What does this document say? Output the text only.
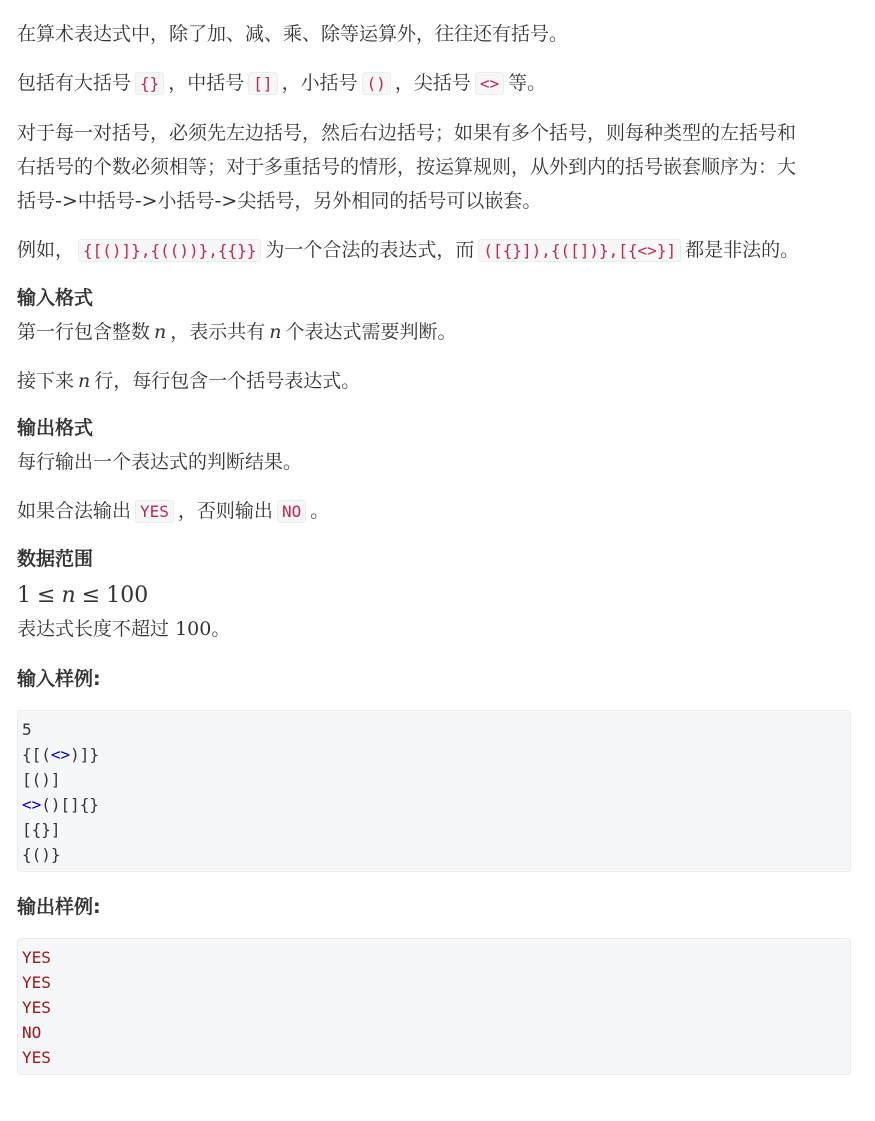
在算术表达式中，除了加、减、乘、除等运算外，往往还有括号。

包括有大括号 {} ，中括号 [] ，小括号 () ，尖括号 <> 等。

对于每一对括号，必须先左边括号，然后右边括号；如果有多个括号，则每种类型的左括号和
右括号的个数必须相等；对于多重括号的情形，按运算规则，从外到内的括号嵌套顺序为：大
括号->中括号->小括号->尖括号，另外相同的括号可以嵌套。

例如， {[()]},{(())},{{}} 为一个合法的表达式，而 ([{}]),{([])},[{<>}] 都是非法的。

输入格式

第一行包含整数 n ，表示共有 n 个表达式需要判断。

接下来 n 行，每行包含一个括号表达式。

输出格式

每行输出一个表达式的判断结果。

如果合法输出 YES ，否则输出 NO 。

数据范围

1 ≤ n ≤ 100

表达式长度不超过 100。

输入样例:
5
{[(<>)]}
[()]
<>()[]{}
[{}]
{()}
输出样例:
YES
YES
YES
NO
YES
